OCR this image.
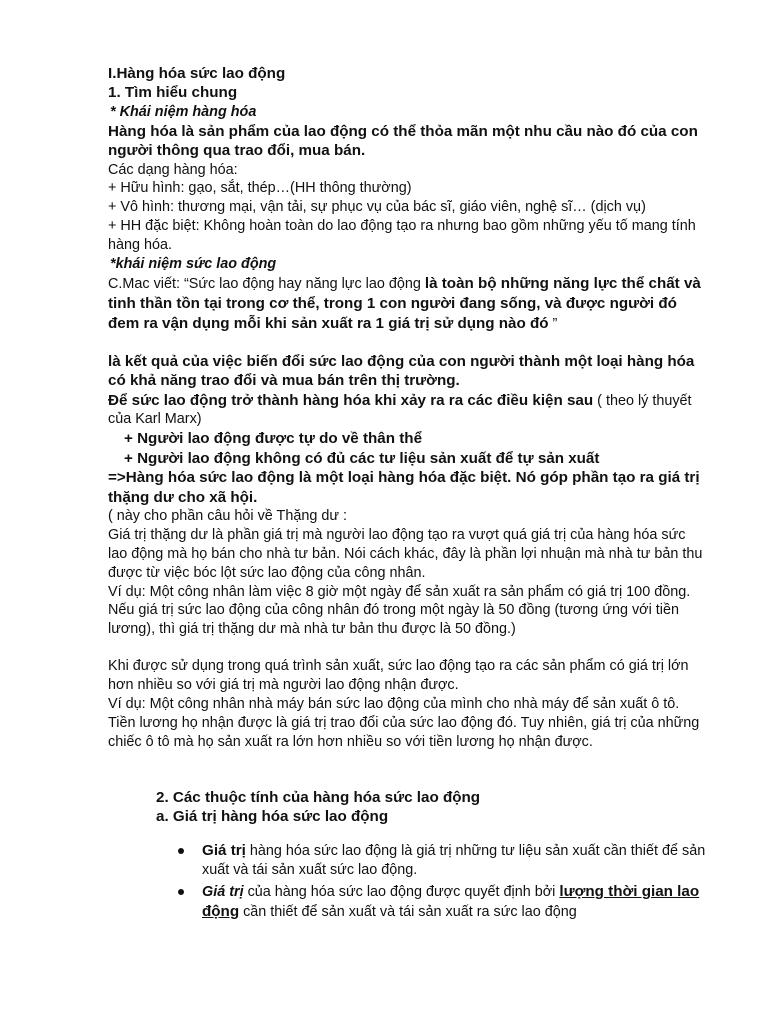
I.Hàng hóa sức lao động

1. Tìm hiểu chung

* Khái niệm hàng hóa

Hàng hóa là sản phẩm của lao động có thể thỏa mãn một nhu cầu nào đó của con người thông qua trao đổi, mua bán.

Các dạng hàng hóa:

+ Hữu hình: gạo, sắt, thép…(HH thông thường)

+ Vô hình: thương mại, vận tải, sự phục vụ của bác sĩ, giáo viên, nghệ sĩ… (dịch vụ)

+ HH đặc biệt: Không hoàn toàn do lao động tạo ra nhưng bao gồm những yếu tố mang tính hàng hóa.

*khái niệm sức lao động

C.Mac viết: “Sức lao động hay năng lực lao động là toàn bộ những năng lực thể chất và tinh thần tồn tại trong cơ thể, trong 1 con người đang sống, và được người đó đem ra vận dụng mỗi khi sản xuất ra 1 giá trị sử dụng nào đó ”

là kết quả của việc biến đổi sức lao động của con người thành một loại hàng hóa có khả năng trao đổi và mua bán trên thị trường.

Để sức lao động trở thành hàng hóa khi xảy ra ra các điều kiện sau ( theo lý thuyết của Karl Marx)

+ Người lao động được tự do về thân thể

+ Người lao động không có đủ các tư liệu sản xuất để tự sản xuất

=>Hàng hóa sức lao động là một loại hàng hóa đặc biệt. Nó góp phần tạo ra giá trị thặng dư cho xã hội.

( này cho phần câu hỏi về Thặng dư :

Giá trị thặng dư là phần giá trị mà người lao động tạo ra vượt quá giá trị của hàng hóa sức lao động mà họ bán cho nhà tư bản. Nói cách khác, đây là phần lợi nhuận mà nhà tư bản thu được từ việc bóc lột sức lao động của công nhân.

Ví dụ: Một công nhân làm việc 8 giờ một ngày để sản xuất ra sản phẩm có giá trị 100 đồng. Nếu giá trị sức lao động của công nhân đó trong một ngày là 50 đồng (tương ứng với tiền lương), thì giá trị thặng dư mà nhà tư bản thu được là 50 đồng.)

Khi được sử dụng trong quá trình sản xuất, sức lao động tạo ra các sản phẩm có giá trị lớn hơn nhiều so với giá trị mà người lao động nhận được.

Ví dụ: Một công nhân nhà máy bán sức lao động của mình cho nhà máy để sản xuất ô tô. Tiền lương họ nhận được là giá trị trao đổi của sức lao động đó. Tuy nhiên, giá trị của những chiếc ô tô mà họ sản xuất ra lớn hơn nhiều so với tiền lương họ nhận được.

2. Các thuộc tính của hàng hóa sức lao động

a. Giá trị hàng hóa sức lao động

Giá trị hàng hóa sức lao động là giá trị những tư liệu sản xuất cần thiết để sản xuất và tái sản xuất sức lao động.
Giá trị của hàng hóa sức lao động được quyết định bởi lượng thời gian lao động cần thiết để sản xuất và tái sản xuất ra sức lao động
